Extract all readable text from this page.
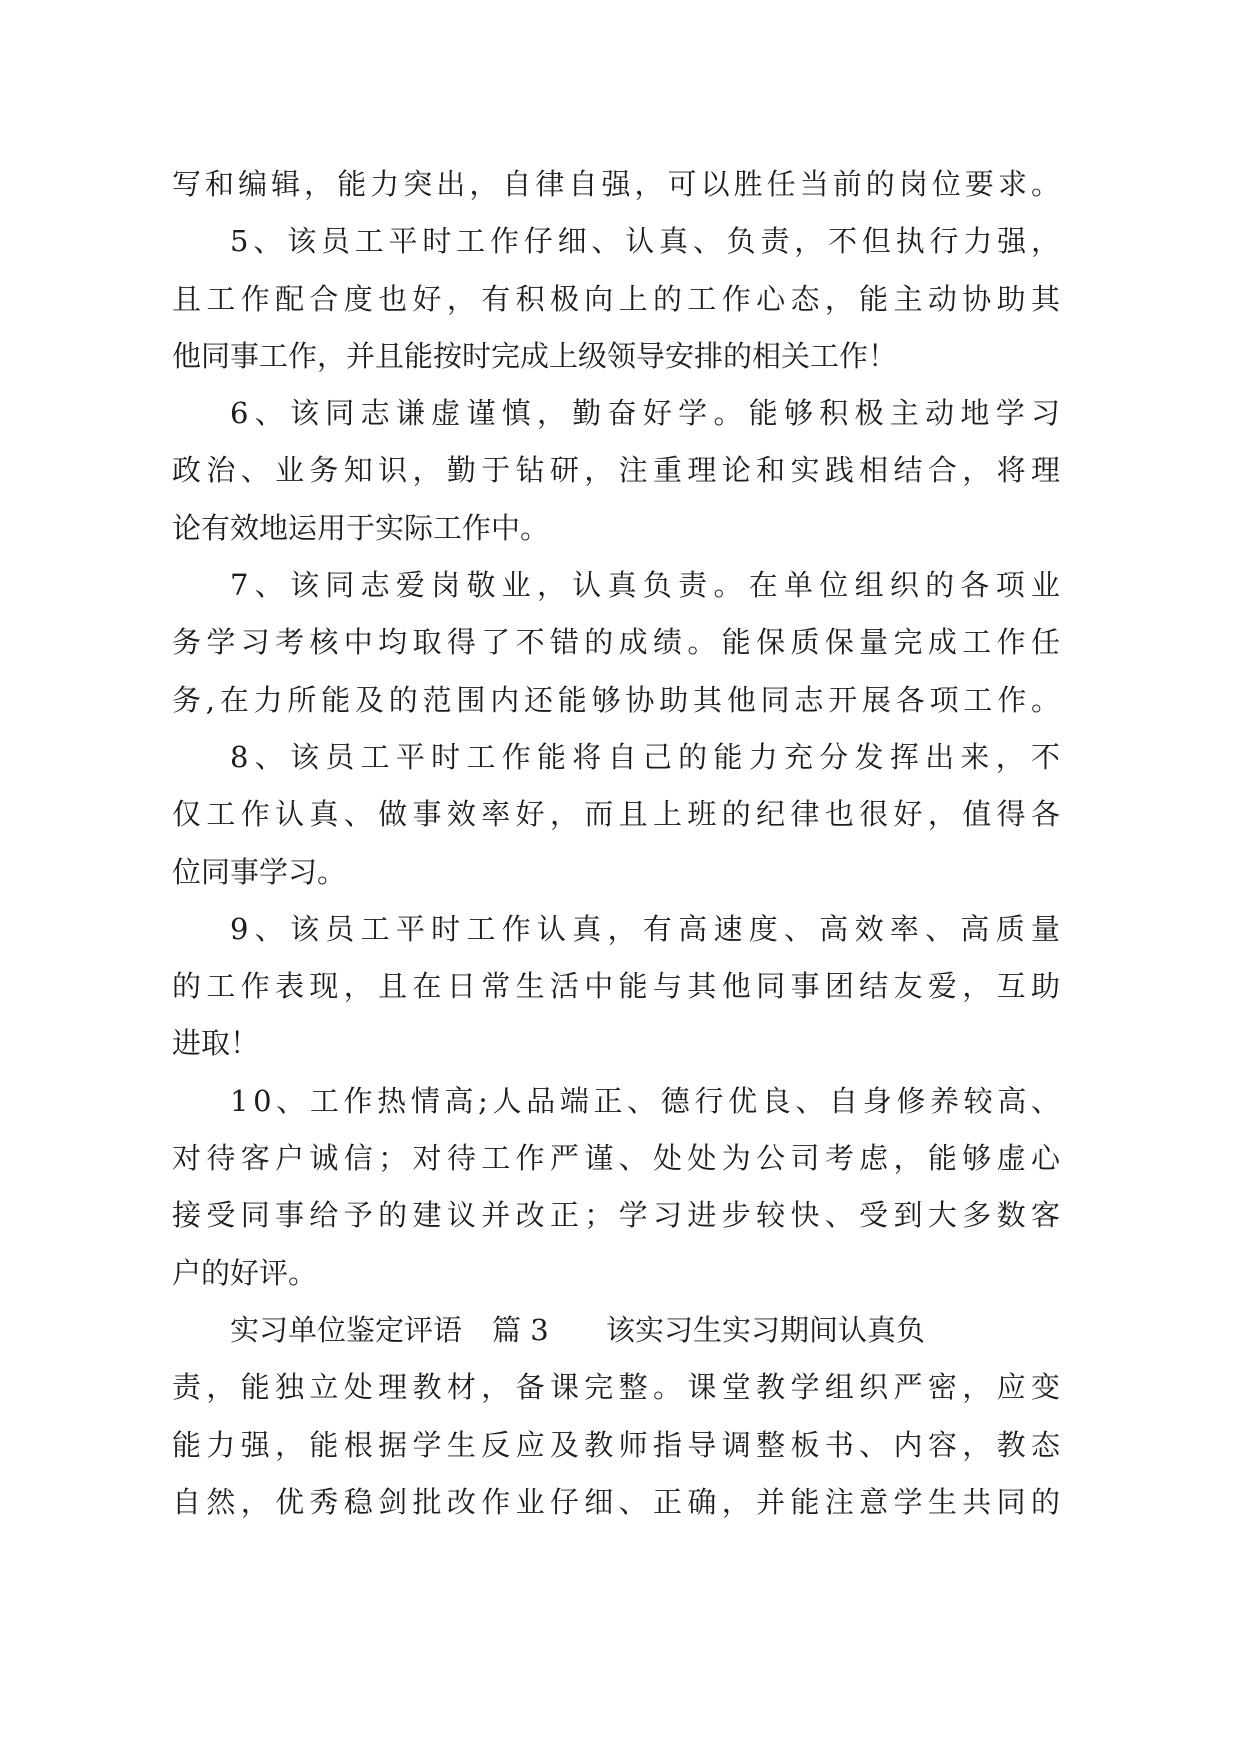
写和编辑，能力突出，自律自强，可以胜任当前的岗位要求。
5、该员工平时工作仔细、认真、负责，不但执行力强，
且工作配合度也好，有积极向上的工作心态，能主动协助其
他同事工作，并且能按时完成上级领导安排的相关工作！
6、该同志谦虚谨慎，勤奋好学。能够积极主动地学习
政治、业务知识，勤于钻研，注重理论和实践相结合，将理
论有效地运用于实际工作中。
7、该同志爱岗敬业，认真负责。在单位组织的各项业
务学习考核中均取得了不错的成绩。能保质保量完成工作任
务,在力所能及的范围内还能够协助其他同志开展各项工作。
8、该员工平时工作能将自己的能力充分发挥出来，不
仅工作认真、做事效率好，而且上班的纪律也很好，值得各
位同事学习。
9、该员工平时工作认真，有高速度、高效率、高质量
的工作表现，且在日常生活中能与其他同事团结友爱，互助
进取！
10、工作热情高;人品端正、德行优良、自身修养较高、
对待客户诚信；对待工作严谨、处处为公司考虑，能够虚心
接受同事给予的建议并改正；学习进步较快、受到大多数客
户的好评。
实习单位鉴定评语 篇 3 该实习生实习期间认真负
责，能独立处理教材，备课完整。课堂教学组织严密，应变
能力强，能根据学生反应及教师指导调整板书、内容，教态
自然，优秀稳剑批改作业仔细、正确，并能注意学生共同的
